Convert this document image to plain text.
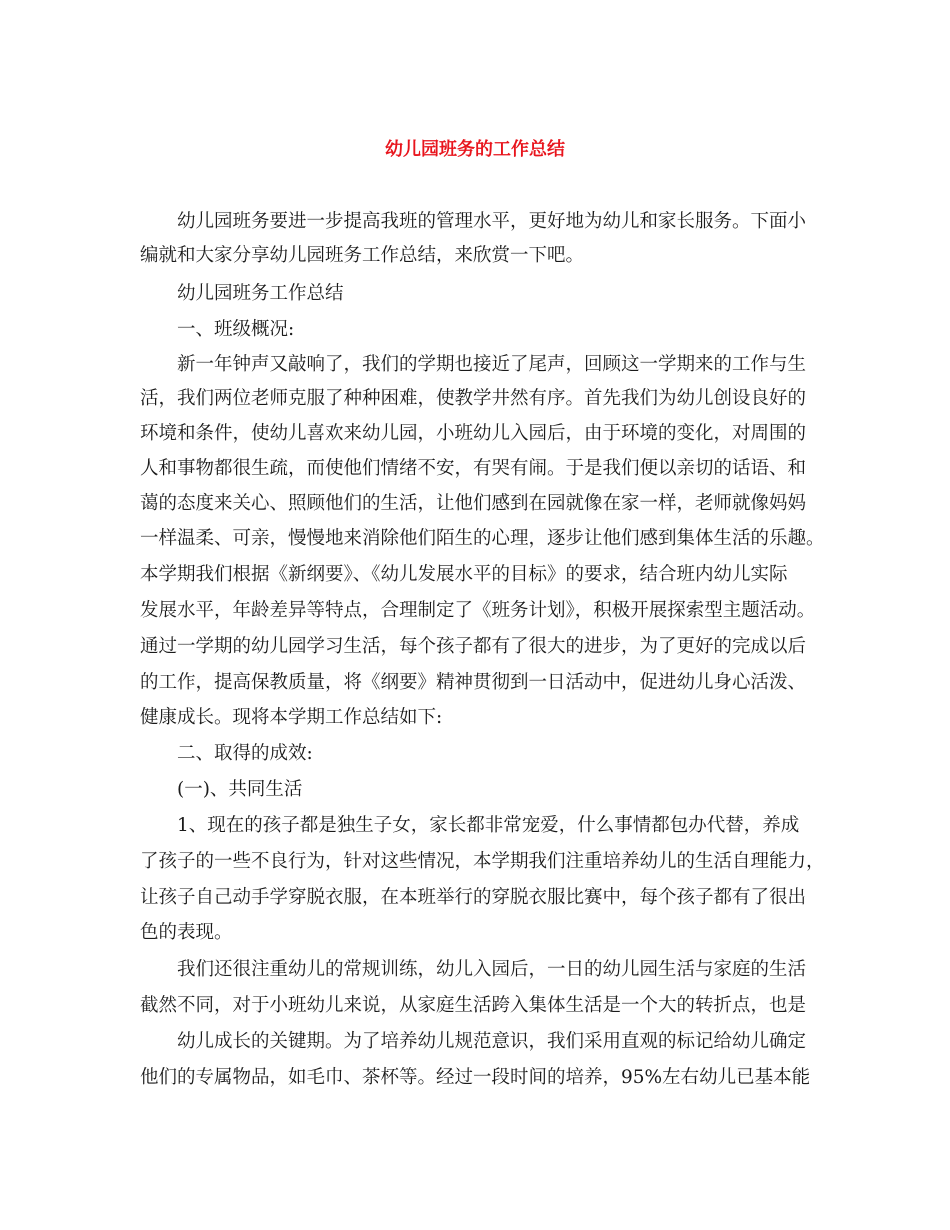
幼儿园班务的工作总结
幼儿园班务要进一步提高我班的管理水平，更好地为幼儿和家长服务。下面小
编就和大家分享幼儿园班务工作总结，来欣赏一下吧。
幼儿园班务工作总结
一、班级概况:
新一年钟声又敲响了，我们的学期也接近了尾声，回顾这一学期来的工作与生
活，我们两位老师克服了种种困难，使教学井然有序。首先我们为幼儿创设良好的
环境和条件，使幼儿喜欢来幼儿园，小班幼儿入园后，由于环境的变化，对周围的
人和事物都很生疏，而使他们情绪不安，有哭有闹。于是我们便以亲切的话语、和
蔼的态度来关心、照顾他们的生活，让他们感到在园就像在家一样，老师就像妈妈
一样温柔、可亲，慢慢地来消除他们陌生的心理，逐步让他们感到集体生活的乐趣。
本学期我们根据《新纲要》、《幼儿发展水平的目标》的要求，结合班内幼儿实际
发展水平，年龄差异等特点，合理制定了《班务计划》，积极开展探索型主题活动。
通过一学期的幼儿园学习生活，每个孩子都有了很大的进步，为了更好的完成以后
的工作，提高保教质量，将《纲要》精神贯彻到一日活动中，促进幼儿身心活泼、
健康成长。现将本学期工作总结如下:
二、取得的成效:
(一)、共同生活
1、现在的孩子都是独生子女，家长都非常宠爱，什么事情都包办代替，养成
了孩子的一些不良行为，针对这些情况，本学期我们注重培养幼儿的生活自理能力，
让孩子自己动手学穿脱衣服，在本班举行的穿脱衣服比赛中，每个孩子都有了很出
色的表现。
我们还很注重幼儿的常规训练，幼儿入园后，一日的幼儿园生活与家庭的生活
截然不同，对于小班幼儿来说，从家庭生活跨入集体生活是一个大的转折点，也是
幼儿成长的关键期。为了培养幼儿规范意识，我们采用直观的标记给幼儿确定
他们的专属物品，如毛巾、茶杯等。经过一段时间的培养，95%左右幼儿已基本能
